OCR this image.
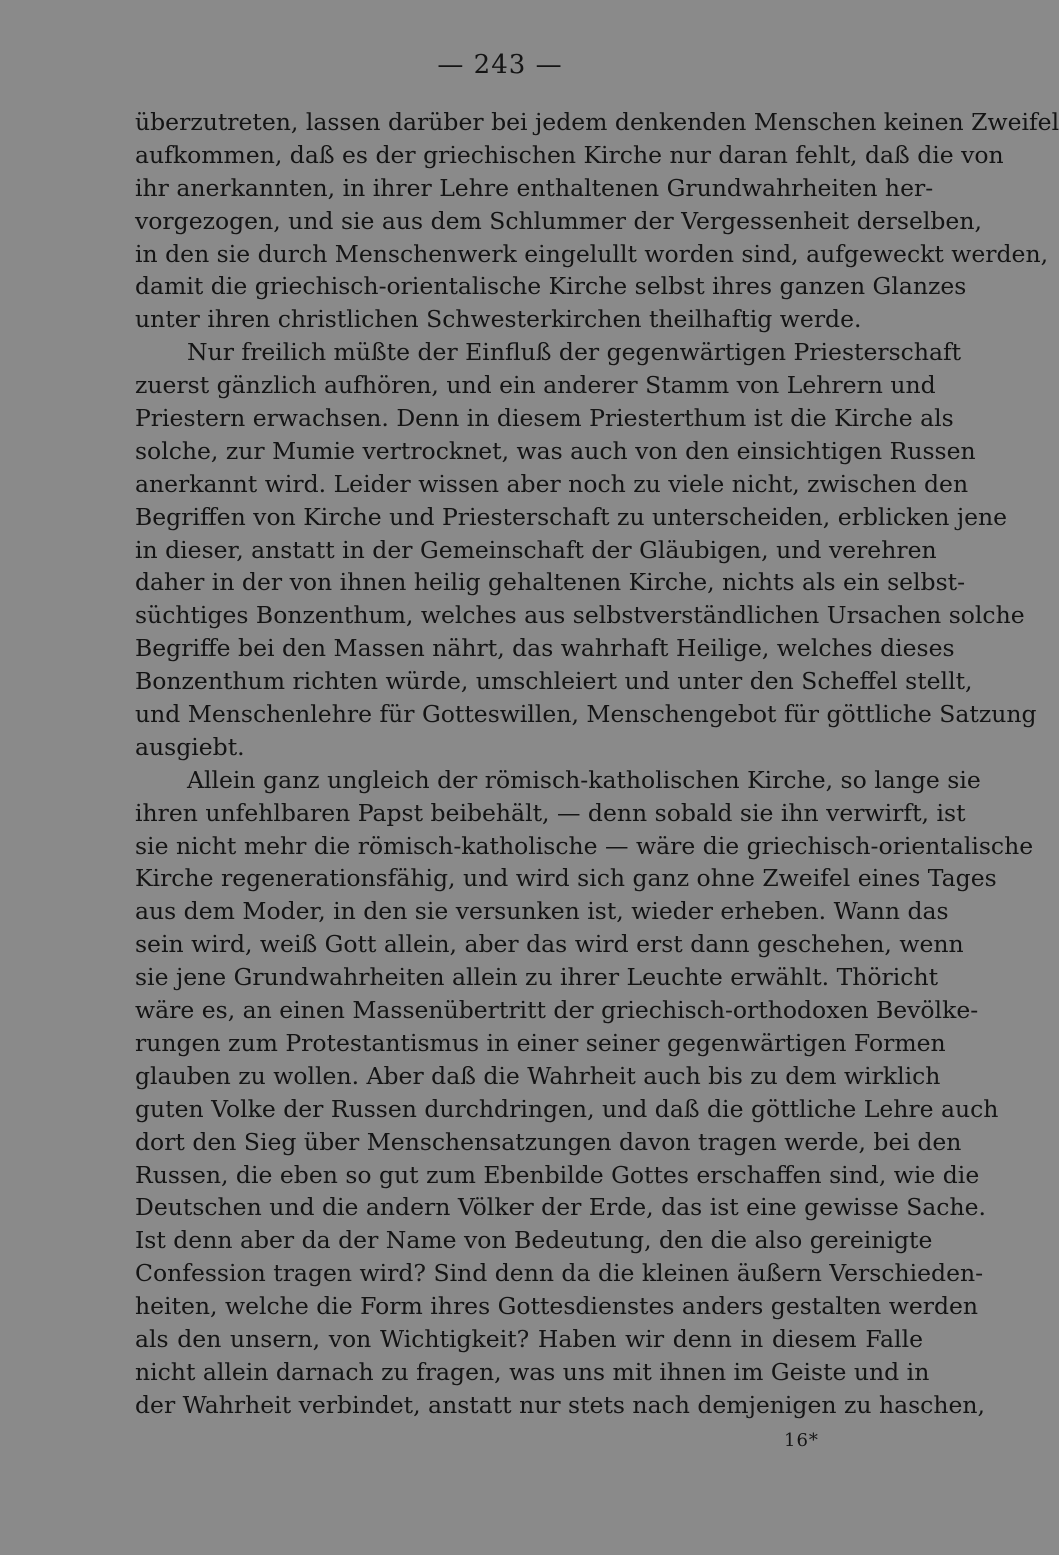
— 243 —
überzutreten, lassen darüber bei jedem denkenden Menschen keinen Zweifel
aufkommen, daß es der griechischen Kirche nur daran fehlt, daß die von
ihr anerkannten, in ihrer Lehre enthaltenen Grundwahrheiten her-
vorgezogen, und sie aus dem Schlummer der Vergessenheit derselben,
in den sie durch Menschenwerk eingelullt worden sind, aufgeweckt werden,
damit die griechisch-orientalische Kirche selbst ihres ganzen Glanzes
unter ihren christlichen Schwesterkirchen theilhaftig werde.
Nur freilich müßte der Einfluß der gegenwärtigen Priesterschaft
zuerst gänzlich aufhören, und ein anderer Stamm von Lehrern und
Priestern erwachsen. Denn in diesem Priesterthum ist die Kirche als
solche, zur Mumie vertrocknet, was auch von den einsichtigen Russen
anerkannt wird. Leider wissen aber noch zu viele nicht, zwischen den
Begriffen von Kirche und Priesterschaft zu unterscheiden, erblicken jene
in dieser, anstatt in der Gemeinschaft der Gläubigen, und verehren
daher in der von ihnen heilig gehaltenen Kirche, nichts als ein selbst-
süchtiges Bonzenthum, welches aus selbstverständlichen Ursachen solche
Begriffe bei den Massen nährt, das wahrhaft Heilige, welches dieses
Bonzenthum richten würde, umschleiert und unter den Scheffel stellt,
und Menschenlehre für Gotteswillen, Menschengebot für göttliche Satzung
ausgiebt.
Allein ganz ungleich der römisch-katholischen Kirche, so lange sie
ihren unfehlbaren Papst beibehält, — denn sobald sie ihn verwirft, ist
sie nicht mehr die römisch-katholische — wäre die griechisch-orientalische
Kirche regenerationsfähig, und wird sich ganz ohne Zweifel eines Tages
aus dem Moder, in den sie versunken ist, wieder erheben. Wann das
sein wird, weiß Gott allein, aber das wird erst dann geschehen, wenn
sie jene Grundwahrheiten allein zu ihrer Leuchte erwählt. Thöricht
wäre es, an einen Massenübertritt der griechisch-orthodoxen Bevölke-
rungen zum Protestantismus in einer seiner gegenwärtigen Formen
glauben zu wollen. Aber daß die Wahrheit auch bis zu dem wirklich
guten Volke der Russen durchdringen, und daß die göttliche Lehre auch
dort den Sieg über Menschensatzungen davon tragen werde, bei den
Russen, die eben so gut zum Ebenbilde Gottes erschaffen sind, wie die
Deutschen und die andern Völker der Erde, das ist eine gewisse Sache.
Ist denn aber da der Name von Bedeutung, den die also gereinigte
Confession tragen wird? Sind denn da die kleinen äußern Verschieden-
heiten, welche die Form ihres Gottesdienstes anders gestalten werden
als den unsern, von Wichtigkeit? Haben wir denn in diesem Falle
nicht allein darnach zu fragen, was uns mit ihnen im Geiste und in
der Wahrheit verbindet, anstatt nur stets nach demjenigen zu haschen,
16*
